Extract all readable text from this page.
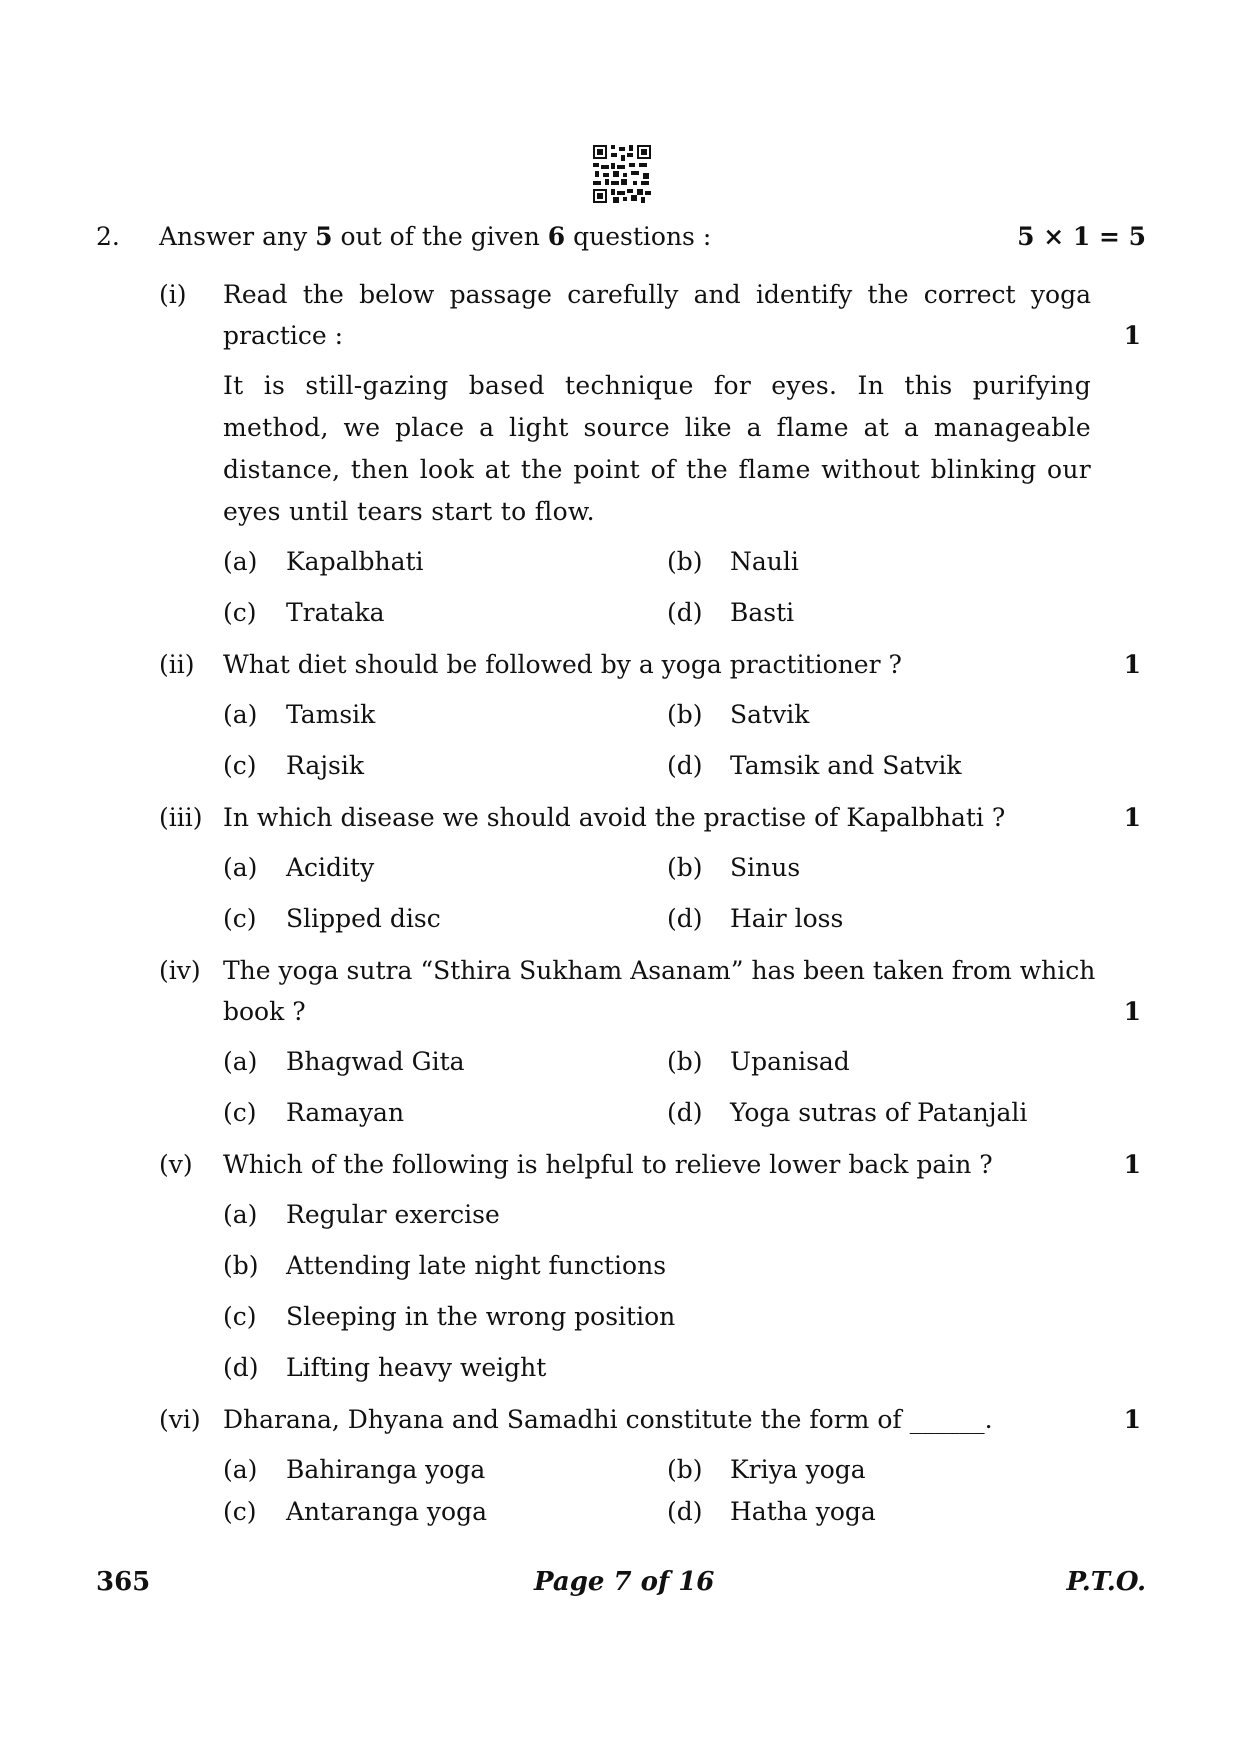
2. Answer any 5 out of the given 6 questions :	5 × 1 = 5
(i) Read the below passage carefully and identify the correct yoga
practice :	1
It is still-gazing based technique for eyes. In this purifying method, we place a light source like a flame at a manageable distance, then look at the point of the flame without blinking our eyes until tears start to flow.
(a) Kapalbhati	(b) Nauli
(c) Trataka	(d) Basti
(ii) What diet should be followed by a yoga practitioner ?	1
(a) Tamsik	(b) Satvik
(c) Rajsik	(d) Tamsik and Satvik
(iii) In which disease we should avoid the practise of Kapalbhati ?	1
(a) Acidity	(b) Sinus
(c) Slipped disc	(d) Hair loss
(iv) The yoga sutra “Sthira Sukham Asanam” has been taken from which
book ?	1
(a) Bhagwad Gita	(b) Upanisad
(c) Ramayan	(d) Yoga sutras of Patanjali
(v) Which of the following is helpful to relieve lower back pain ?	1
(a) Regular exercise
(b) Attending late night functions
(c) Sleeping in the wrong position
(d) Lifting heavy weight
(vi) Dharana, Dhyana and Samadhi constitute the form of ______.	1
(a) Bahiranga yoga	(b) Kriya yoga
(c) Antaranga yoga	(d) Hatha yoga
365	Page 7 of 16	P.T.O.
